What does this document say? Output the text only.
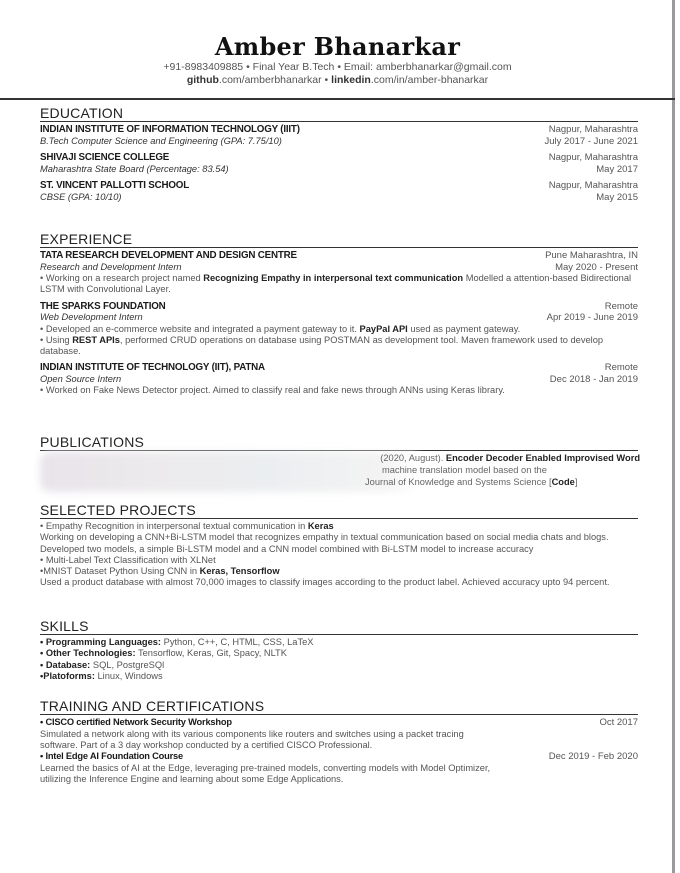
Amber Bhanarkar
+91-8983409885 • Final Year B.Tech • Email: amberbhanarkar@gmail.com
github.com/amberbhanarkar • linkedin.com/in/amber-bhanarkar
EDUCATION
INDIAN INSTITUTE OF INFORMATION TECHNOLOGY (IIIT)	Nagpur, Maharashtra
B.Tech Computer Science and Engineering (GPA: 7.75/10)	July 2017 - June 2021
SHIVAJI SCIENCE COLLEGE	Nagpur, Maharashtra
Maharashtra State Board (Percentage: 83.54)	May 2017
ST. VINCENT PALLOTTI SCHOOL	Nagpur, Maharashtra
CBSE (GPA: 10/10)	May 2015
EXPERIENCE
TATA RESEARCH DEVELOPMENT AND DESIGN CENTRE	Pune Maharashtra, IN
Research and Development Intern	May 2020 - Present
• Working on a research project named Recognizing Empathy in interpersonal text communication Modelled a attention-based Bidirectional LSTM with Convolutional Layer.
THE SPARKS FOUNDATION	Remote
Web Development Intern	Apr 2019 - June 2019
• Developed an e-commerce website and integrated a payment gateway to it. PayPal API used as payment gateway.
• Using REST APIs, performed CRUD operations on database using POSTMAN as development tool. Maven framework used to develop database.
INDIAN INSTITUTE OF TECHNOLOGY (IIT), PATNA	Remote
Open Source Intern	Dec 2018 - Jan 2019
• Worked on Fake News Detector project. Aimed to classify real and fake news through ANNs using Keras library.
PUBLICATIONS
(2020, August). Encoder Decoder Enabled Improvised Word
machine translation model based on the
Journal of Knowledge and Systems Science [Code]
SELECTED PROJECTS
• Empathy Recognition in interpersonal textual communication in Keras
Working on developing a CNN+Bi-LSTM model that recognizes empathy in textual communication based on social media chats and blogs. Developed two models, a simple Bi-LSTM model and a CNN model combined with Bi-LSTM model to increase accuracy
• Multi-Label Text Classification with XLNet
•MNIST Dataset Python Using CNN in Keras, Tensorflow
Used a product database with almost 70,000 images to classify images according to the product label. Achieved accuracy upto 94 percent.
SKILLS
• Programming Languages: Python, C++, C, HTML, CSS, LaTeX
• Other Technologies: Tensorflow, Keras, Git, Spacy, NLTK
• Database: SQL, PostgreSQl
•Platoforms: Linux, Windows
TRAINING AND CERTIFICATIONS
• CISCO certified Network Security Workshop	Oct 2017
Simulated a network along with its various components like routers and switches using a packet tracing software. Part of a 3 day workshop conducted by a certified CISCO Professional.
• Intel Edge AI Foundation Course	Dec 2019 - Feb 2020
Learned the basics of AI at the Edge, leveraging pre-trained models, converting models with Model Optimizer, utilizing the Inference Engine and learning about some Edge Applications.
